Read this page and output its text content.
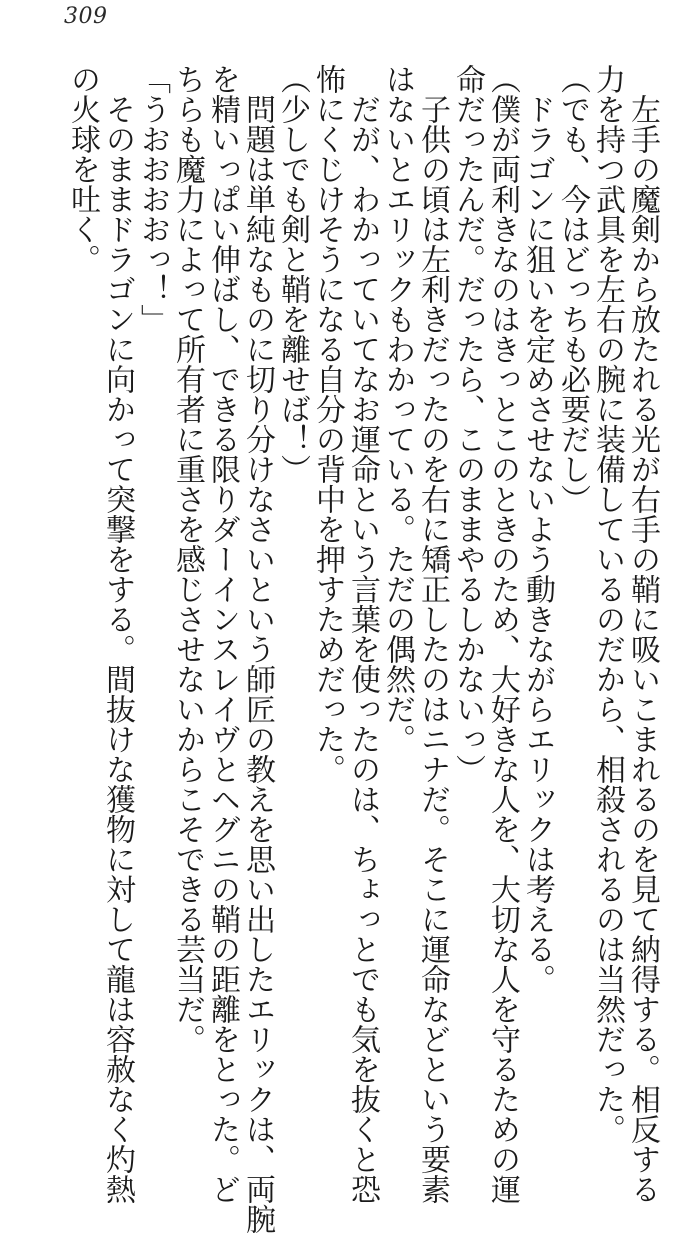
309

　左手の魔剣から放たれる光が右手の鞘に吸いこまれるのを見て納得する。相反する

力を持つ武具を左右の腕に装備しているのだから、相殺されるのは当然だった。

（でも、今はどっちも必要だし）

　ドラゴンに狙いを定めさせないよう動きながらエリックは考える。

（僕が両利きなのはきっとこのときのため、大好きな人を、大切な人を守るための運

命だったんだ。だったら、このままやるしかないっ）

　子供の頃は左利きだったのを右に矯正したのはニナだ。そこに運命などという要素

はないとエリックもわかっている。ただの偶然だ。

　だが、わかっていてなお運命という言葉を使ったのは、ちょっとでも気を抜くと恐

怖にくじけそうになる自分の背中を押すためだった。

（少しでも剣と鞘を離せば！）

　問題は単純なものに切り分けなさいという師匠の教えを思い出したエリックは、両腕

を精いっぱい伸ばし、できる限りダーインスレイヴとヘグニの鞘の距離をとった。ど

ちらも魔力によって所有者に重さを感じさせないからこそできる芸当だ。

「うおおおおっ！」

　そのままドラゴンに向かって突撃をする。間抜けな獲物に対して龍は容赦なく灼熱

の火球を吐く。
